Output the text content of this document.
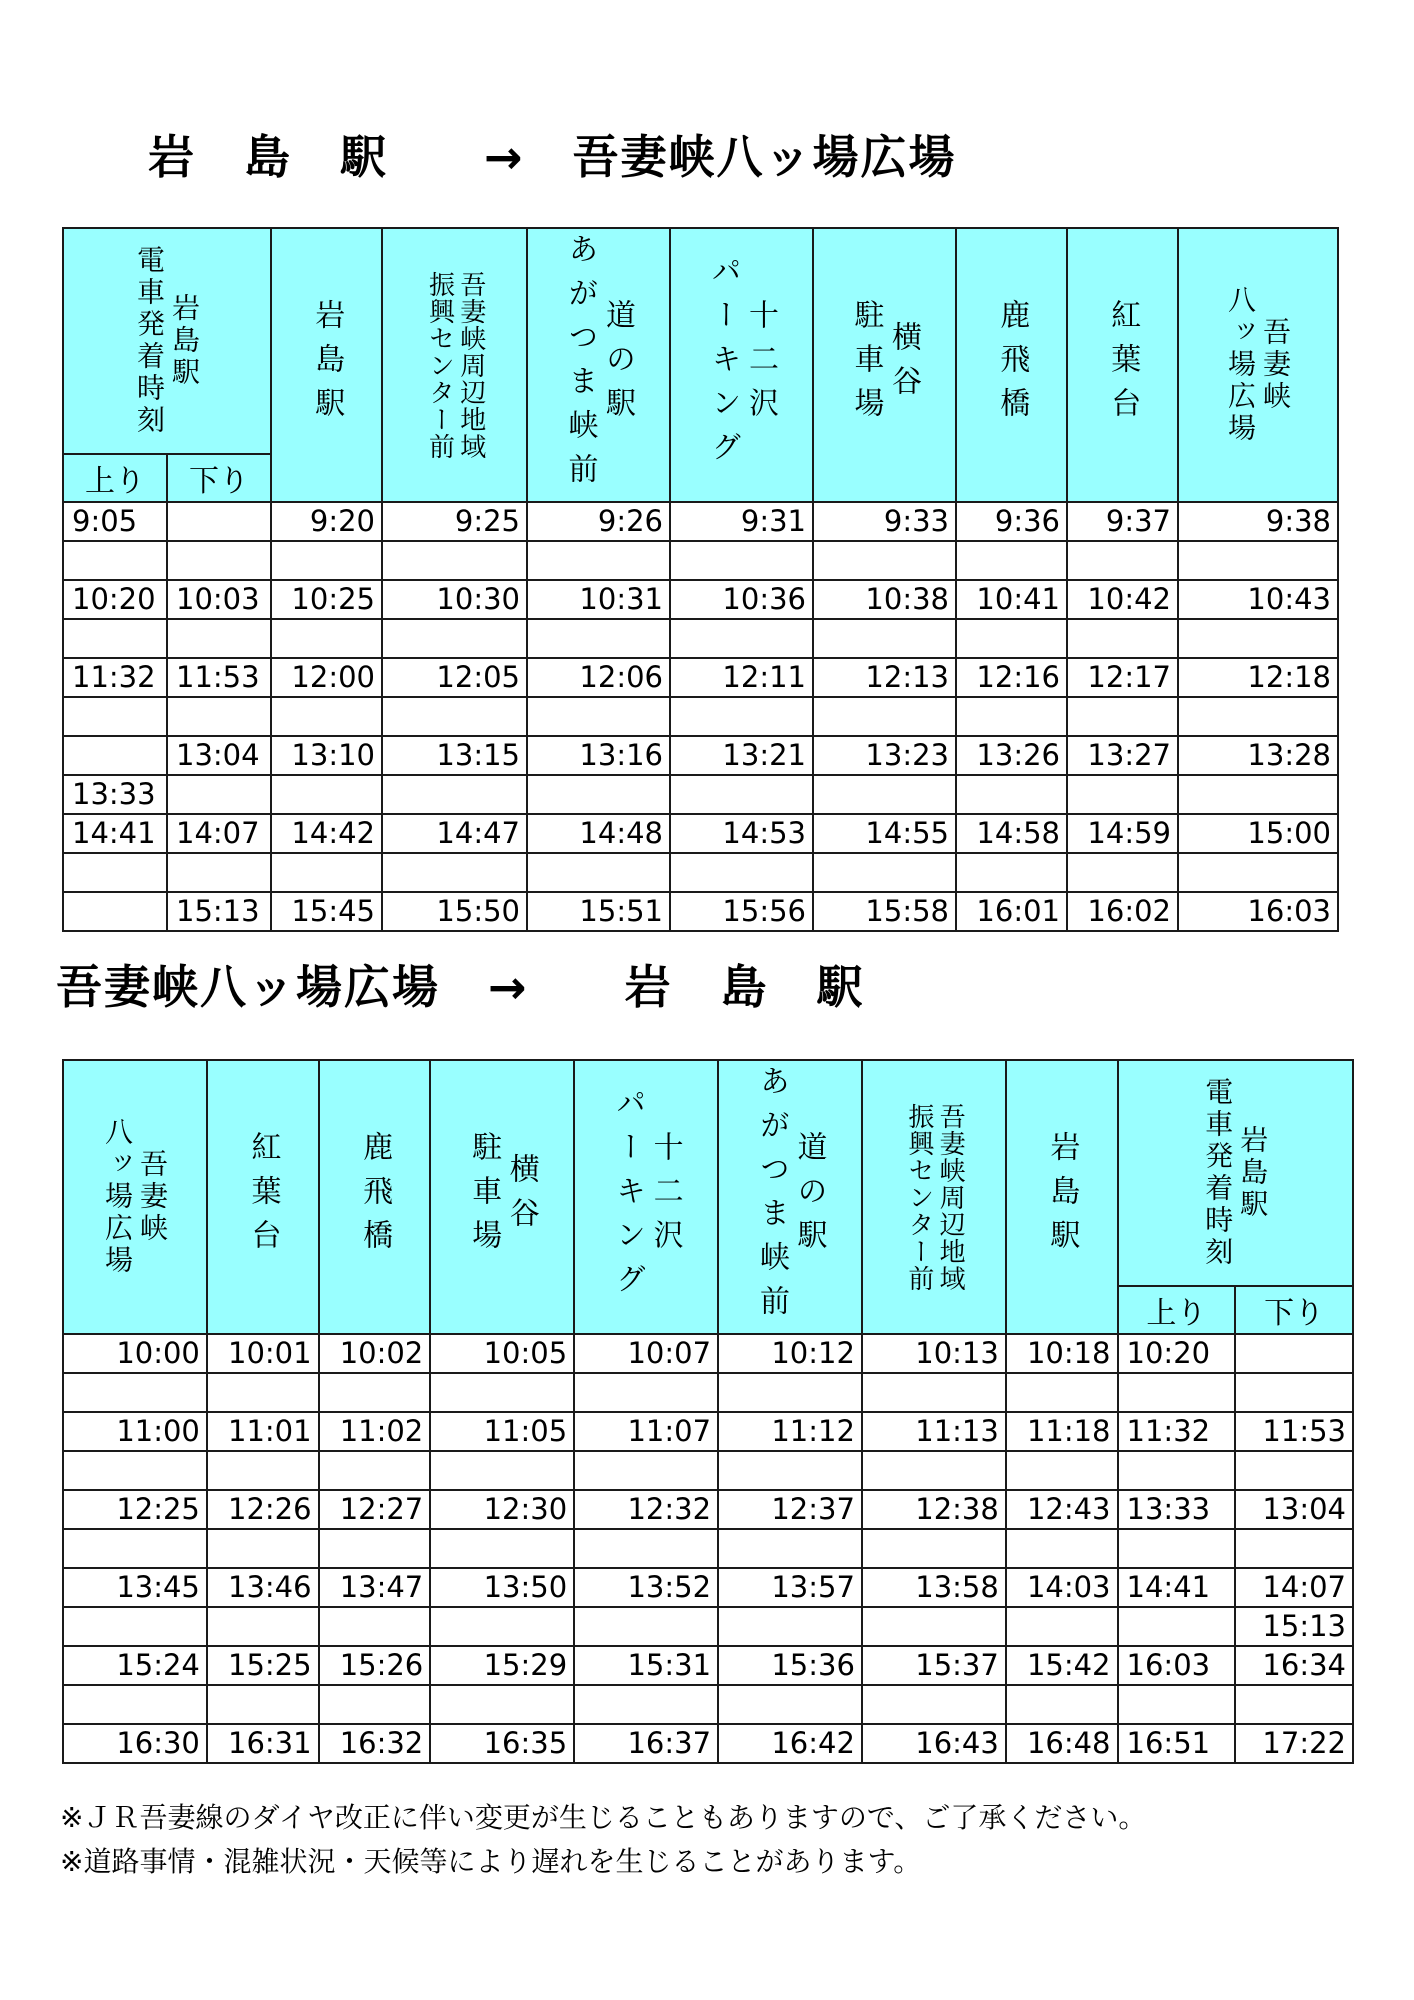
岩　島　駅　　→　吾妻峡八ッ場広場
岩島駅
電車発着時刻		岩島駅	吾妻峡周辺地域
振興センター前	道の駅
あがつま峡前	十二沢
パーキング	横谷
駐車場	鹿飛橋	紅葉台	吾妻峡
八ッ場広場

上り	下り								
9:05		9:20	9:25	9:26	9:31	9:33	9:36	9:37	9:38

10:20	10:03	10:25	10:30	10:31	10:36	10:38	10:41	10:42	10:43

11:32	11:53	12:00	12:05	12:06	12:11	12:13	12:16	12:17	12:18

	13:04	13:10	13:15	13:16	13:21	13:23	13:26	13:27	13:28
13:33									
14:41	14:07	14:42	14:47	14:48	14:53	14:55	14:58	14:59	15:00

	15:13	15:45	15:50	15:51	15:56	15:58	16:01	16:02	16:03
吾妻峡八ッ場広場　→　　岩　島　駅
吾妻峡
八ッ場広場	紅葉台	鹿飛橋	横谷
駐車場	十二沢
パーキング	道の駅
あがつま峡前	吾妻峡周辺地域
振興センター前	岩島駅	岩島駅
電車発着時刻	

								上り	下り
10:00	10:01	10:02	10:05	10:07	10:12	10:13	10:18	10:20	

11:00	11:01	11:02	11:05	11:07	11:12	11:13	11:18	11:32	11:53

12:25	12:26	12:27	12:30	12:32	12:37	12:38	12:43	13:33	13:04

13:45	13:46	13:47	13:50	13:52	13:57	13:58	14:03	14:41	14:07
									15:13
15:24	15:25	15:26	15:29	15:31	15:36	15:37	15:42	16:03	16:34

16:30	16:31	16:32	16:35	16:37	16:42	16:43	16:48	16:51	17:22

※ＪＲ吾妻線のダイヤ改正に伴い変更が生じることもありますので、ご了承ください。

※道路事情・混雑状況・天候等により遅れを生じることがあります。
